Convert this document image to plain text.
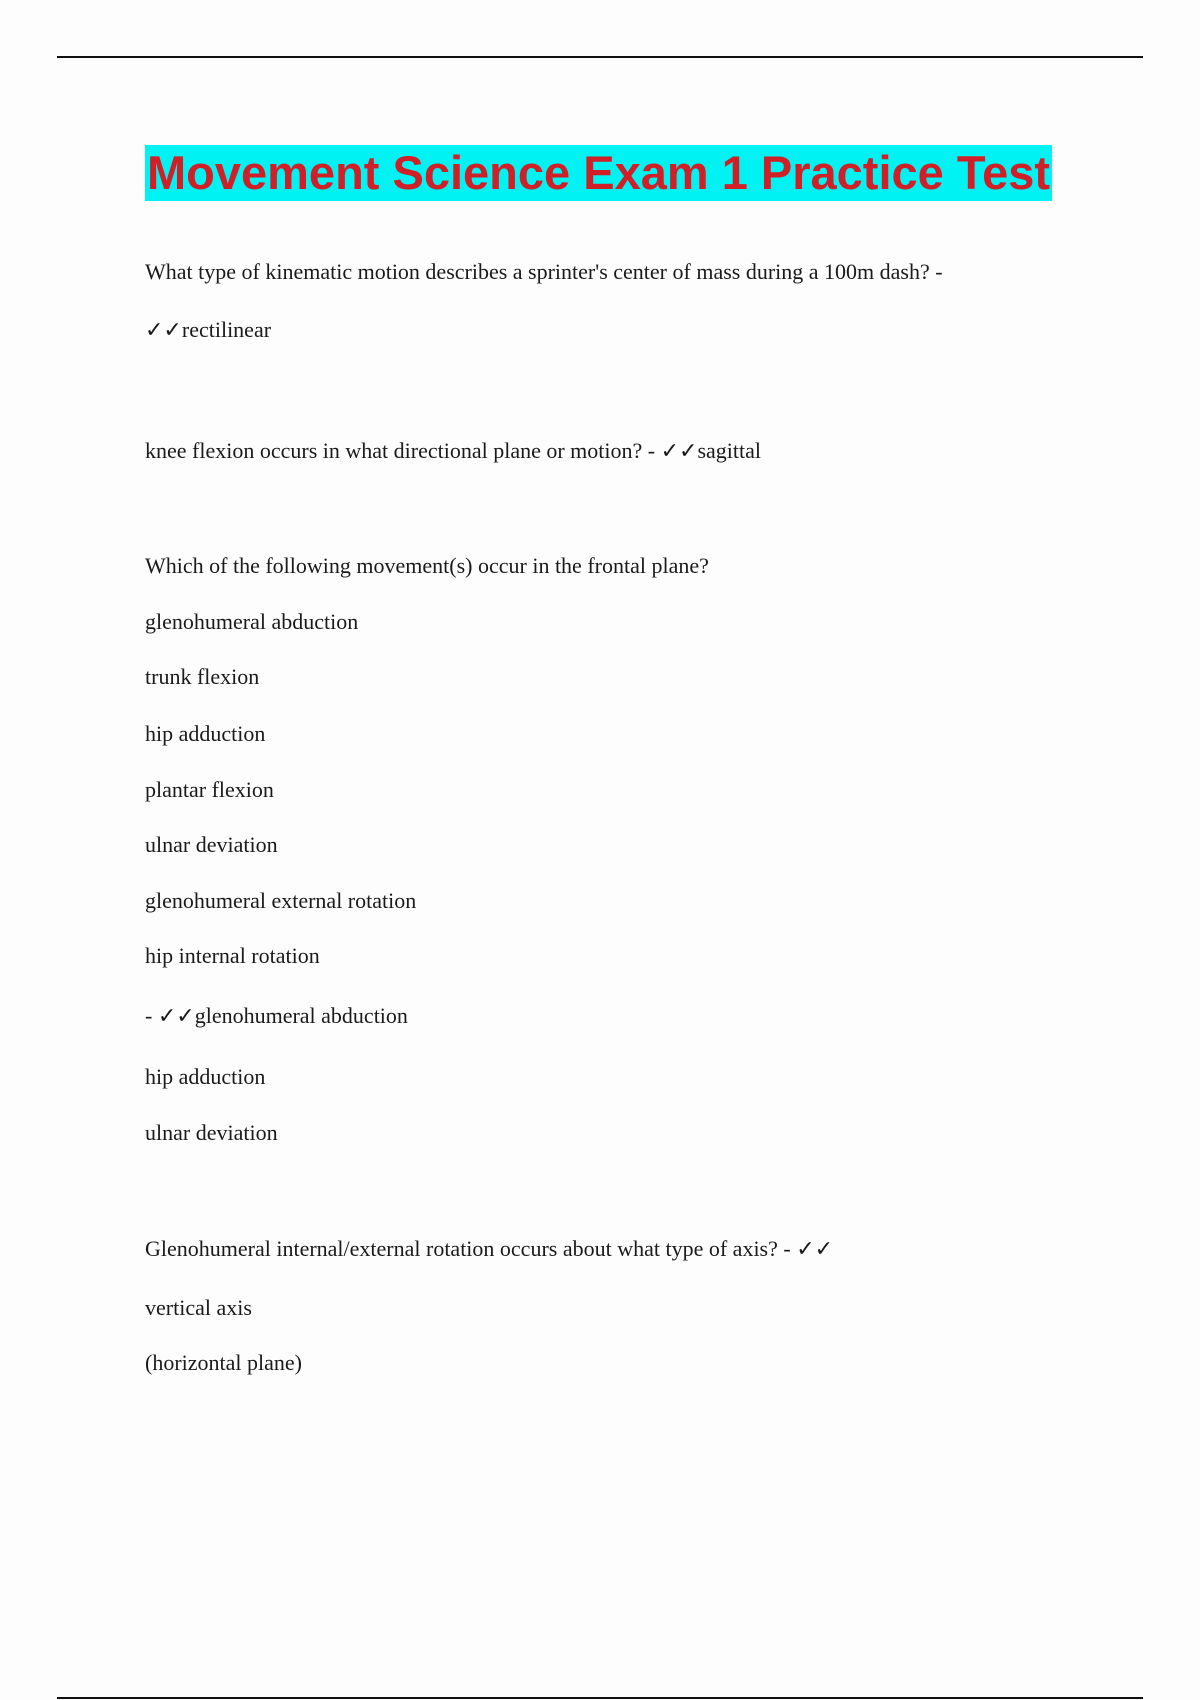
Movement Science Exam 1 Practice Test
What type of kinematic motion describes a sprinter's center of mass during a 100m dash? -
✓✓rectilinear
knee flexion occurs in what directional plane or motion? - ✓✓sagittal
Which of the following movement(s) occur in the frontal plane?
glenohumeral abduction
trunk flexion
hip adduction
plantar flexion
ulnar deviation
glenohumeral external rotation
hip internal rotation
- ✓✓glenohumeral abduction
hip adduction
ulnar deviation
Glenohumeral internal/external rotation occurs about what type of axis? - ✓✓
vertical axis
(horizontal plane)
